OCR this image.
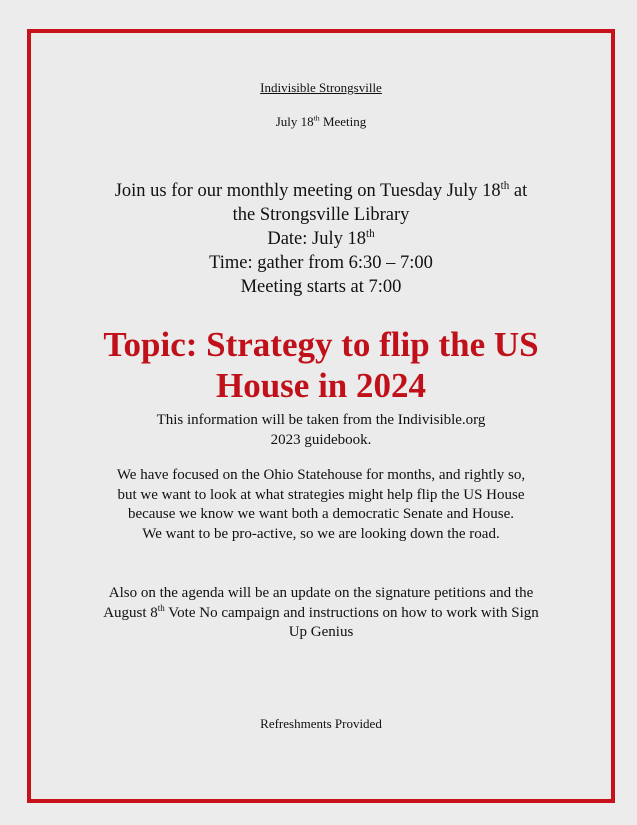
Indivisible Strongsville
July 18th Meeting
Join us for our monthly meeting on Tuesday July 18th at
the Strongsville Library
Date: July 18th
Time: gather from 6:30 – 7:00
Meeting starts at 7:00
Topic: Strategy to flip the US
House in 2024
This information will be taken from the Indivisible.org
2023 guidebook.
We have focused on the Ohio Statehouse for months, and rightly so,
but we want to look at what strategies might help flip the US House
because we know we want both a democratic Senate and House.
We want to be pro-active, so we are looking down the road.
Also on the agenda will be an update on the signature petitions and the
August 8th Vote No campaign and instructions on how to work with Sign
Up Genius
Refreshments Provided
